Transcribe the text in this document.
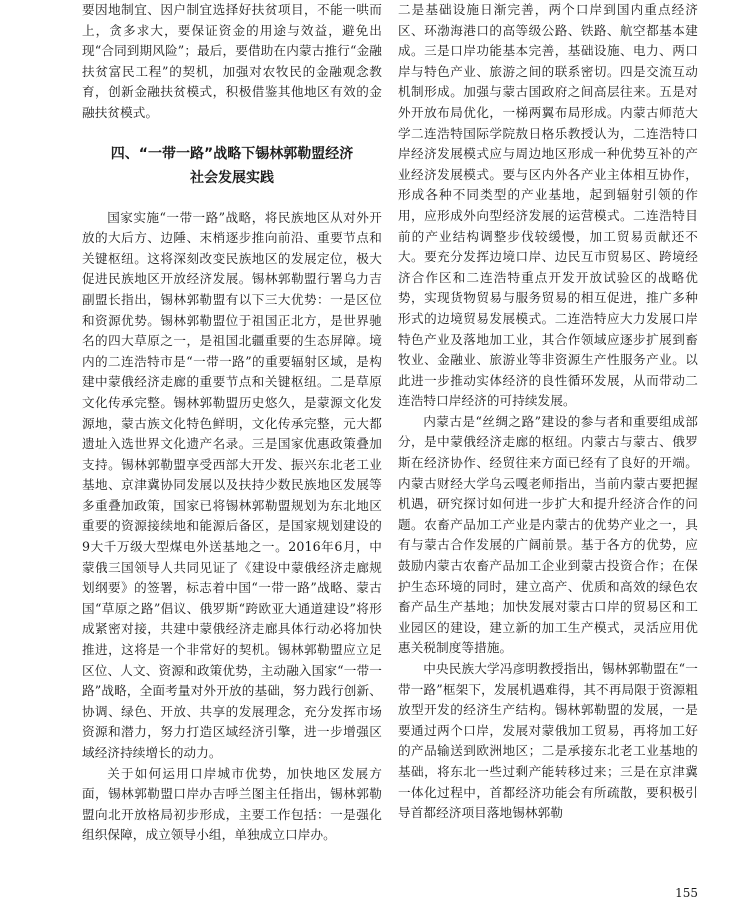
要因地制宜、因户制宜选择好扶贫项目，不能一哄而上，贪多求大，要保证资金的用途与效益，避免出现“合同到期风险”；最后，要借助在内蒙古推行“金融扶贫富民工程”的契机，加强对农牧民的金融观念教育，创新金融扶贫模式，积极借鉴其他地区有效的金融扶贫模式。

四、“一带一路”战略下锡林郭勒盟经济
社会发展实践

国家实施“一带一路”战略，将民族地区从对外开放的大后方、边陲、末梢逐步推向前沿、重要节点和关键枢纽。这将深刻改变民族地区的发展定位，极大促进民族地区开放经济发展。锡林郭勒盟行署乌力吉副盟长指出，锡林郭勒盟有以下三大优势：一是区位和资源优势。锡林郭勒盟位于祖国正北方，是世界驰名的四大草原之一，是祖国北疆重要的生态屏障。境内的二连浩特市是“一带一路”的重要辐射区域，是构建中蒙俄经济走廊的重要节点和关键枢纽。二是草原文化传承完整。锡林郭勒盟历史悠久，是蒙源文化发源地，蒙古族文化特色鲜明，文化传承完整，元大都遗址入选世界文化遗产名录。三是国家优惠政策叠加支持。锡林郭勒盟享受西部大开发、振兴东北老工业基地、京津冀协同发展以及扶持少数民族地区发展等多重叠加政策，国家已将锡林郭勒盟规划为东北地区重要的资源接续地和能源后备区，是国家规划建设的9大千万级大型煤电外送基地之一。2016年6月，中蒙俄三国领导人共同见证了《建设中蒙俄经济走廊规划纲要》的签署，标志着中国“一带一路”战略、蒙古国“草原之路”倡议、俄罗斯“跨欧亚大通道建设”将形成紧密对接，共建中蒙俄经济走廊具体行动必将加快推进，这将是一个非常好的契机。锡林郭勒盟应立足区位、人文、资源和政策优势，主动融入国家“一带一路”战略，全面考量对外开放的基础，努力践行创新、协调、绿色、开放、共享的发展理念，充分发挥市场资源和潜力，努力打造区域经济引擎，进一步增强区域经济持续增长的动力。

关于如何运用口岸城市优势，加快地区发展方面，锡林郭勒盟口岸办吉呼兰图主任指出，锡林郭勒盟向北开放格局初步形成，主要工作包括：一是强化组织保障，成立领导小组，单独成立口岸办。

二是基础设施日渐完善，两个口岸到国内重点经济区、环渤海港口的高等级公路、铁路、航空都基本建成。三是口岸功能基本完善，基础设施、电力、两口岸与特色产业、旅游之间的联系密切。四是交流互动机制形成。加强与蒙古国政府之间高层往来。五是对外开放布局优化，一梯两翼布局形成。内蒙古师范大学二连浩特国际学院敖日格乐教授认为，二连浩特口岸经济发展模式应与周边地区形成一种优势互补的产业经济发展模式。要与区内外各产业主体相互协作，形成各种不同类型的产业基地，起到辐射引领的作用，应形成外向型经济发展的运营模式。二连浩特目前的产业结构调整步伐较缓慢，加工贸易贡献还不大。要充分发挥边境口岸、边民互市贸易区、跨境经济合作区和二连浩特重点开发开放试验区的战略优势，实现货物贸易与服务贸易的相互促进，推广多种形式的边境贸易发展模式。二连浩特应大力发展口岸特色产业及落地加工业，其合作领域应逐步扩展到畜牧业、金融业、旅游业等非资源生产性服务产业。以此进一步推动实体经济的良性循环发展，从而带动二连浩特口岸经济的可持续发展。

内蒙古是“丝绸之路”建设的参与者和重要组成部分，是中蒙俄经济走廊的枢纽。内蒙古与蒙古、俄罗斯在经济协作、经贸往来方面已经有了良好的开端。内蒙古财经大学乌云嘎老师指出，当前内蒙古要把握机遇，研究探讨如何进一步扩大和提升经济合作的问题。农畜产品加工产业是内蒙古的优势产业之一，具有与蒙古合作发展的广阔前景。基于各方的优势，应鼓励内蒙古农畜产品加工企业到蒙古投资合作；在保护生态环境的同时，建立高产、优质和高效的绿色农畜产品生产基地；加快发展对蒙古口岸的贸易区和工业园区的建设，建立新的加工生产模式，灵活应用优惠关税制度等措施。

中央民族大学冯彦明教授指出，锡林郭勒盟在“一带一路”框架下，发展机遇难得，其不再局限于资源粗放型开发的经济生产结构。锡林郭勒盟的发展，一是要通过两个口岸，发展对蒙俄加工贸易，再将加工好的产品输送到欧洲地区；二是承接东北老工业基地的基础，将东北一些过剩产能转移过来；三是在京津冀一体化过程中，首都经济功能会有所疏散，要积极引导首都经济项目落地锡林郭勒

155
